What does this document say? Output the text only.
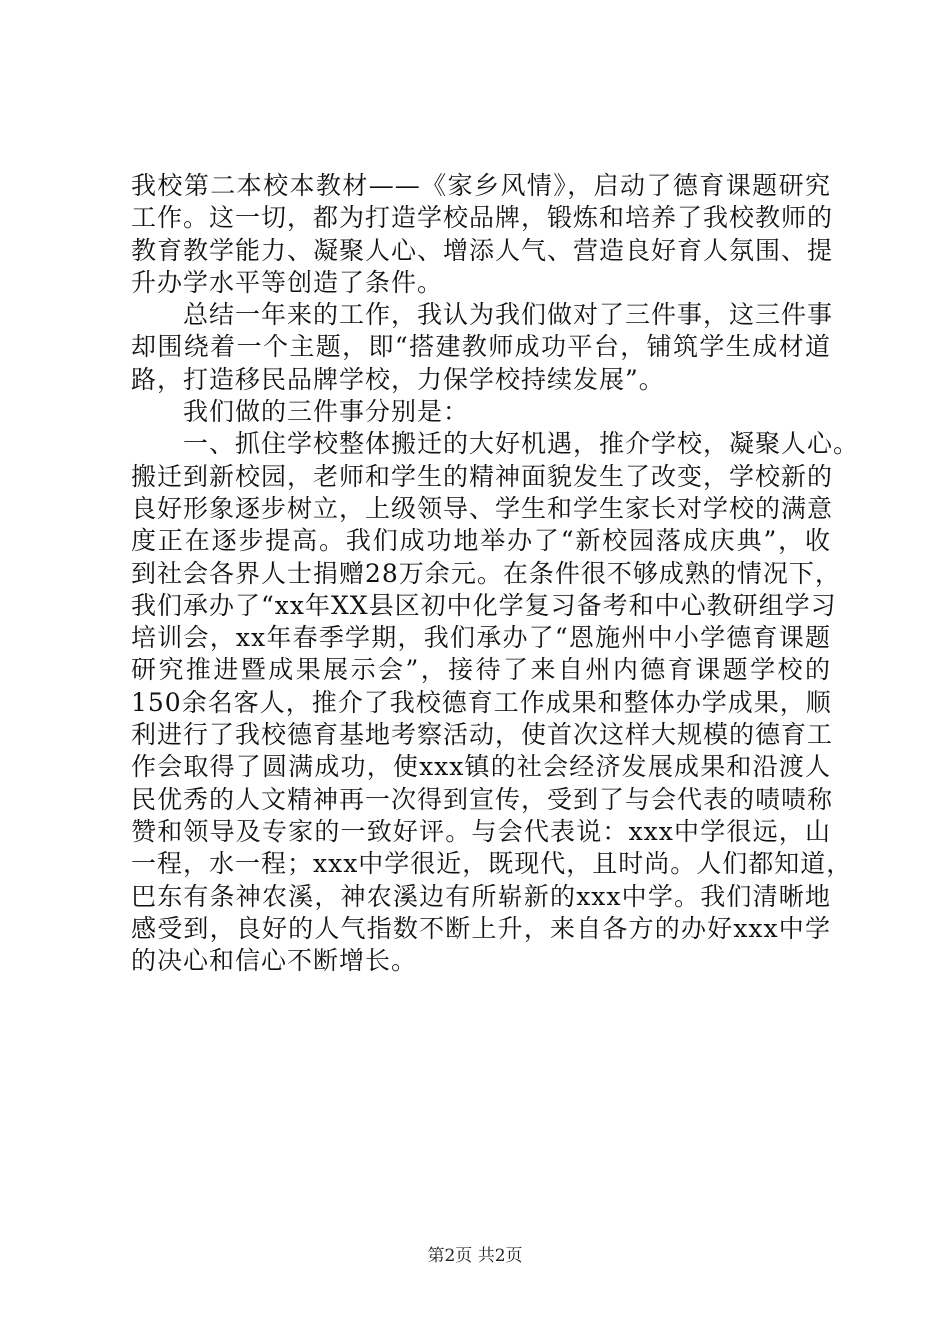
我校第二本校本教材——《家乡风情》，启动了德育课题研究
工作。这一切，都为打造学校品牌，锻炼和培养了我校教师的
教育教学能力、凝聚人心、增添人气、营造良好育人氛围、提
升办学水平等创造了条件。
总结一年来的工作，我认为我们做对了三件事，这三件事
却围绕着一个主题，即“搭建教师成功平台，铺筑学生成材道
路，打造移民品牌学校，力保学校持续发展”。
我们做的三件事分别是：
一、抓住学校整体搬迁的大好机遇，推介学校，凝聚人心。
搬迁到新校园，老师和学生的精神面貌发生了改变，学校新的
良好形象逐步树立，上级领导、学生和学生家长对学校的满意
度正在逐步提高。我们成功地举办了“新校园落成庆典”，收
到社会各界人士捐赠28万余元。在条件很不够成熟的情况下，
我们承办了“xx年XX县区初中化学复习备考和中心教研组学习
培训会，xx年春季学期，我们承办了“恩施州中小学德育课题
研究推进暨成果展示会”，接待了来自州内德育课题学校的
150余名客人，推介了我校德育工作成果和整体办学成果，顺
利进行了我校德育基地考察活动，使首次这样大规模的德育工
作会取得了圆满成功，使xxx镇的社会经济发展成果和沿渡人
民优秀的人文精神再一次得到宣传，受到了与会代表的啧啧称
赞和领导及专家的一致好评。与会代表说：xxx中学很远，山
一程，水一程；xxx中学很近，既现代，且时尚。人们都知道，
巴东有条神农溪，神农溪边有所崭新的xxx中学。我们清晰地
感受到，良好的人气指数不断上升，来自各方的办好xxx中学
的决心和信心不断增长。
第2页 共2页
